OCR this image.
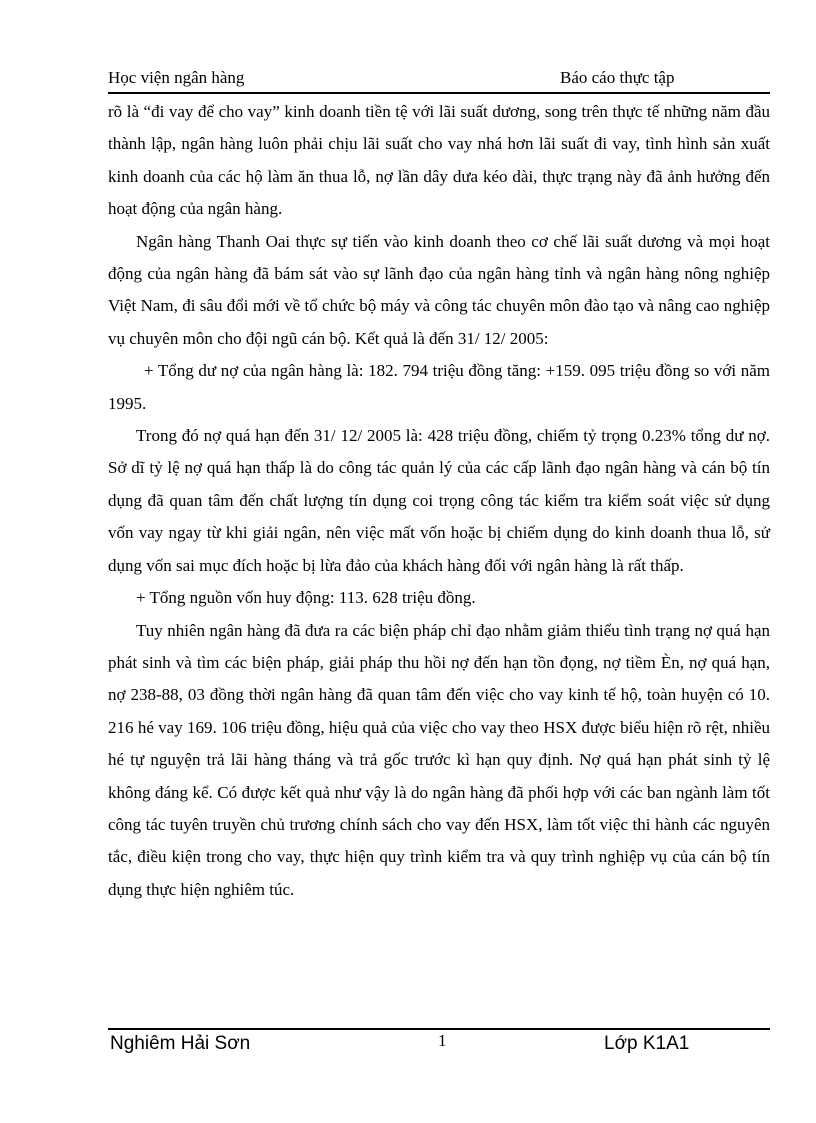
Học viện ngân hàng	Báo cáo thực tập

rõ là “đi vay để cho vay” kinh doanh tiền tệ với lãi suất dương, song trên thực tế những năm đầu thành lập, ngân hàng luôn phải chịu lãi suất cho vay nhá hơn lãi suất đi vay, tình hình sản xuất kinh doanh của các hộ làm ăn thua lỗ, nợ lần dây dưa kéo dài, thực trạng này đã ảnh hưởng đến hoạt động của ngân hàng.

Ngân hàng Thanh Oai thực sự tiến vào kinh doanh theo cơ chế lãi suất dương và mọi hoạt động của ngân hàng đã bám sát vào sự lãnh đạo của ngân hàng tỉnh và ngân hàng nông nghiệp Việt Nam, đi sâu đổi mới về tổ chức bộ máy và công tác chuyên môn đào tạo và nâng cao nghiệp vụ chuyên môn cho đội ngũ cán bộ. Kết quả là đến 31/ 12/ 2005:

+ Tổng dư nợ của ngân hàng là: 182. 794 triệu đồng tăng: +159. 095 triệu đồng so với năm 1995.

Trong đó nợ quá hạn đến 31/ 12/ 2005 là: 428 triệu đồng, chiếm tỷ trọng 0.23% tổng dư nợ. Sở dĩ tỷ lệ nợ quá hạn thấp là do công tác quản lý của các cấp lãnh đạo ngân hàng và cán bộ tín dụng đã quan tâm đến chất lượng tín dụng coi trọng công tác kiểm tra kiểm soát việc sử dụng vốn vay ngay từ khi giải ngân, nên việc mất vốn hoặc bị chiếm dụng do kinh doanh thua lỗ, sử dụng vốn sai mục đích hoặc bị lừa đảo của khách hàng đối với ngân hàng là rất thấp.

+ Tổng nguồn vốn huy động: 113. 628 triệu đồng.

Tuy nhiên ngân hàng đã đưa ra các biện pháp chỉ đạo nhằm giảm thiểu tình trạng nợ quá hạn phát sinh và tìm các biện pháp, giải pháp thu hồi nợ đến hạn tồn đọng, nợ tiềm Èn, nợ quá hạn, nợ 238-88, 03 đồng thời ngân hàng đã quan tâm đến việc cho vay kinh tế hộ, toàn huyện có 10. 216 hé vay 169. 106 triệu đồng, hiệu quả của việc cho vay theo HSX được biểu hiện rõ rệt, nhiều hé tự nguyện trả lãi hàng tháng và trả gốc trước kì hạn quy định. Nợ quá hạn phát sinh tỷ lệ không đáng kể. Có được kết quả như vậy là do ngân hàng đã phối hợp với các ban ngành làm tốt công tác tuyên truyền chủ trương chính sách cho vay đến HSX, làm tốt việc thi hành các nguyên tắc, điều kiện trong cho vay, thực hiện quy trình kiểm tra và quy trình nghiệp vụ của cán bộ tín dụng thực hiện nghiêm túc.

Nghiêm Hải Sơn	1	Lớp K1A1
